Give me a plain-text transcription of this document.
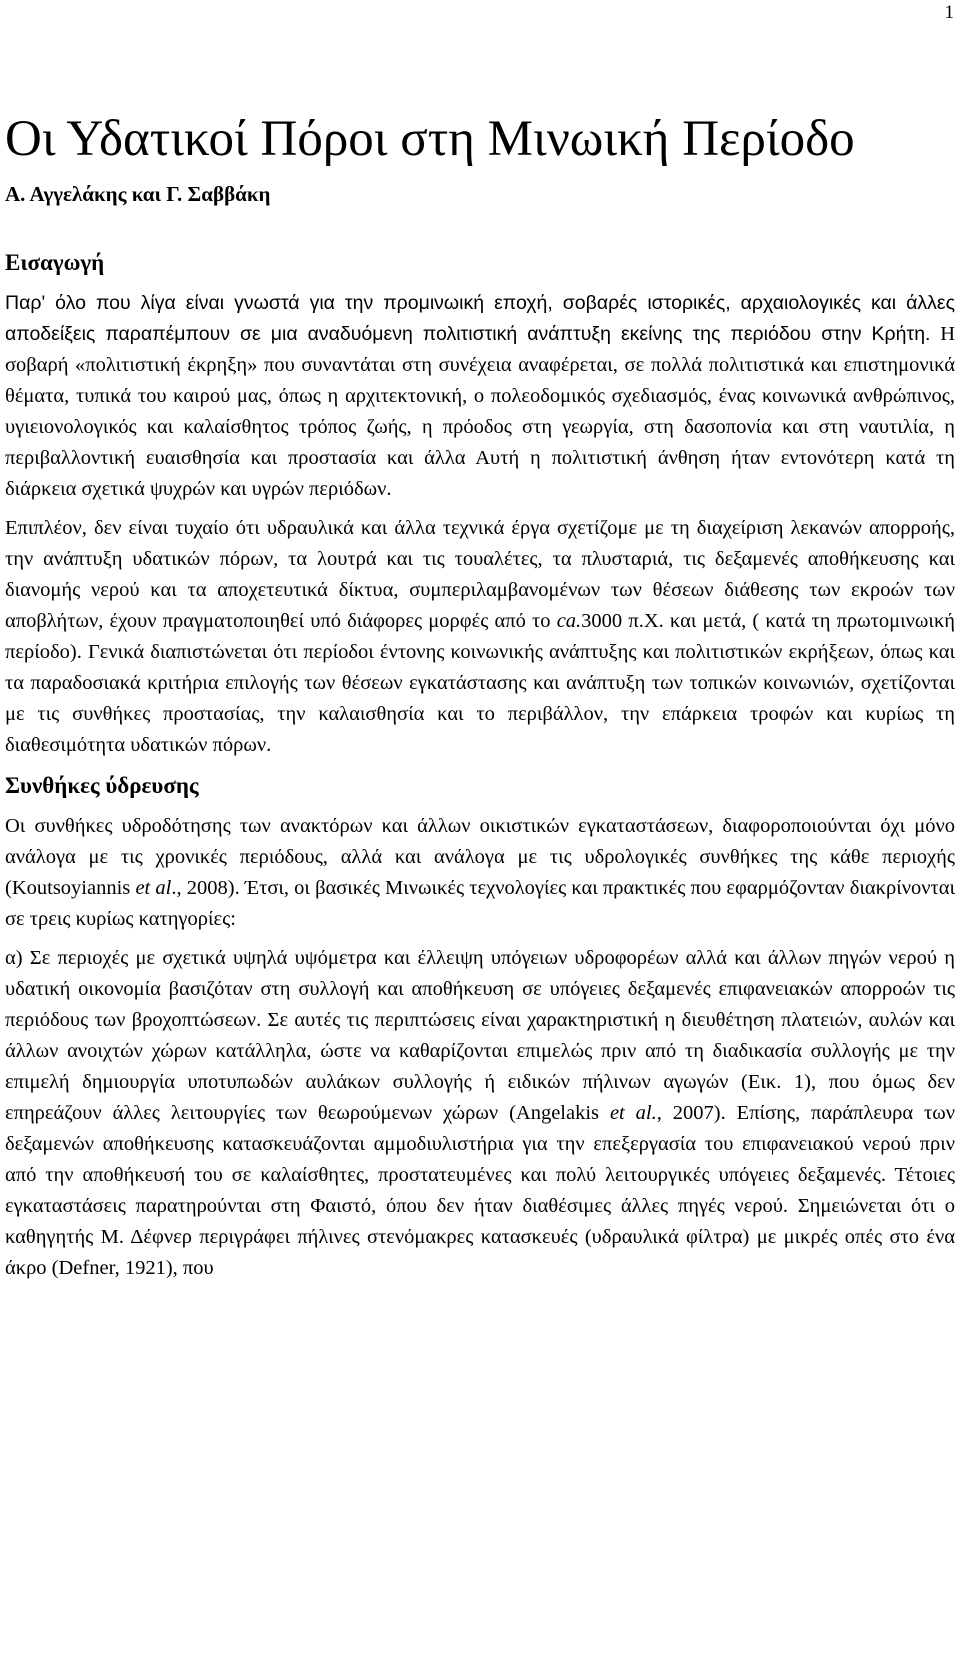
1
Οι Υδατικοί Πόροι στη Μινωική Περίοδο
Α. Αγγελάκης και Γ. Σαββάκη
Εισαγωγή

Παρ' όλο που λίγα είναι γνωστά για την προμινωική εποχή, σοβαρές ιστορικές, αρχαιολογικές και άλλες αποδείξεις παραπέμπουν σε μια αναδυόμενη πολιτιστική ανάπτυξη εκείνης της περιόδου στην Κρήτη. Η σοβαρή «πολιτιστική έκρηξη» που συναντάται στη συνέχεια αναφέρεται, σε πολλά πολιτιστικά και επιστημονικά θέματα, τυπικά του καιρού μας, όπως η αρχιτεκτονική, ο πολεοδομικός σχεδιασμός, ένας κοινωνικά ανθρώπινος, υγιειονολογικός και καλαίσθητος τρόπος ζωής, η πρόοδος στη γεωργία, στη δασοπονία και στη ναυτιλία, η περιβαλλοντική ευαισθησία και προστασία και άλλα Αυτή η πολιτιστική άνθηση ήταν εντονότερη κατά τη διάρκεια σχετικά ψυχρών και υγρών περιόδων.

Επιπλέον, δεν είναι τυχαίο ότι υδραυλικά και άλλα τεχνικά έργα σχετίζομε με τη διαχείριση λεκανών απορροής, την ανάπτυξη υδατικών πόρων, τα λουτρά και τις τουαλέτες, τα πλυσταριά, τις δεξαμενές αποθήκευσης και διανομής νερού και τα αποχετευτικά δίκτυα, συμπεριλαμβανομένων των θέσεων διάθεσης των εκροών των αποβλήτων, έχουν πραγματοποιηθεί υπό διάφορες μορφές από το ca.3000 π.Χ. και μετά, ( κατά τη πρωτομινωική περίοδο). Γενικά διαπιστώνεται ότι περίοδοι έντονης κοινωνικής ανάπτυξης και πολιτιστικών εκρήξεων, όπως και τα παραδοσιακά κριτήρια επιλογής των θέσεων εγκατάστασης και ανάπτυξη των τοπικών κοινωνιών, σχετίζονται με τις συνθήκες προστασίας, την καλαισθησία και το περιβάλλον, την επάρκεια τροφών και κυρίως τη διαθεσιμότητα υδατικών πόρων.

Συνθήκες ύδρευσης

Οι συνθήκες υδροδότησης των ανακτόρων και άλλων οικιστικών εγκαταστάσεων, διαφοροποιούνται όχι μόνο ανάλογα με τις χρονικές περιόδους, αλλά και ανάλογα με τις υδρολογικές συνθήκες της κάθε περιοχής (Koutsoyiannis et al., 2008). Έτσι, οι βασικές Μινωικές τεχνολογίες και πρακτικές που εφαρμόζονταν διακρίνονται σε τρεις κυρίως κατηγορίες:

α) Σε περιοχές με σχετικά υψηλά υψόμετρα και έλλειψη υπόγειων υδροφορέων αλλά και άλλων πηγών νερού η υδατική οικονομία βασιζόταν στη συλλογή και αποθήκευση σε υπόγειες δεξαμενές επιφανειακών απορροών τις περιόδους των βροχοπτώσεων. Σε αυτές τις περιπτώσεις είναι χαρακτηριστική η διευθέτηση πλατειών, αυλών και άλλων ανοιχτών χώρων κατάλληλα, ώστε να καθαρίζονται επιμελώς πριν από τη διαδικασία συλλογής με την επιμελή δημιουργία υποτυπωδών αυλάκων συλλογής ή ειδικών πήλινων αγωγών (Εικ. 1), που όμως δεν επηρεάζουν άλλες λειτουργίες των θεωρούμενων χώρων (Angelakis et al., 2007). Επίσης, παράπλευρα των δεξαμενών αποθήκευσης κατασκευάζονται αμμοδιυλιστήρια για την επεξεργασία του επιφανειακού νερού πριν από την αποθήκευσή του σε καλαίσθητες, προστατευμένες και πολύ λειτουργικές υπόγειες δεξαμενές. Τέτοιες εγκαταστάσεις παρατηρούνται στη Φαιστό, όπου δεν ήταν διαθέσιμες άλλες πηγές νερού. Σημειώνεται ότι ο καθηγητής Μ. Δέφνερ περιγράφει πήλινες στενόμακρες κατασκευές (υδραυλικά φίλτρα) με μικρές οπές στο ένα άκρο (Defner, 1921), που
